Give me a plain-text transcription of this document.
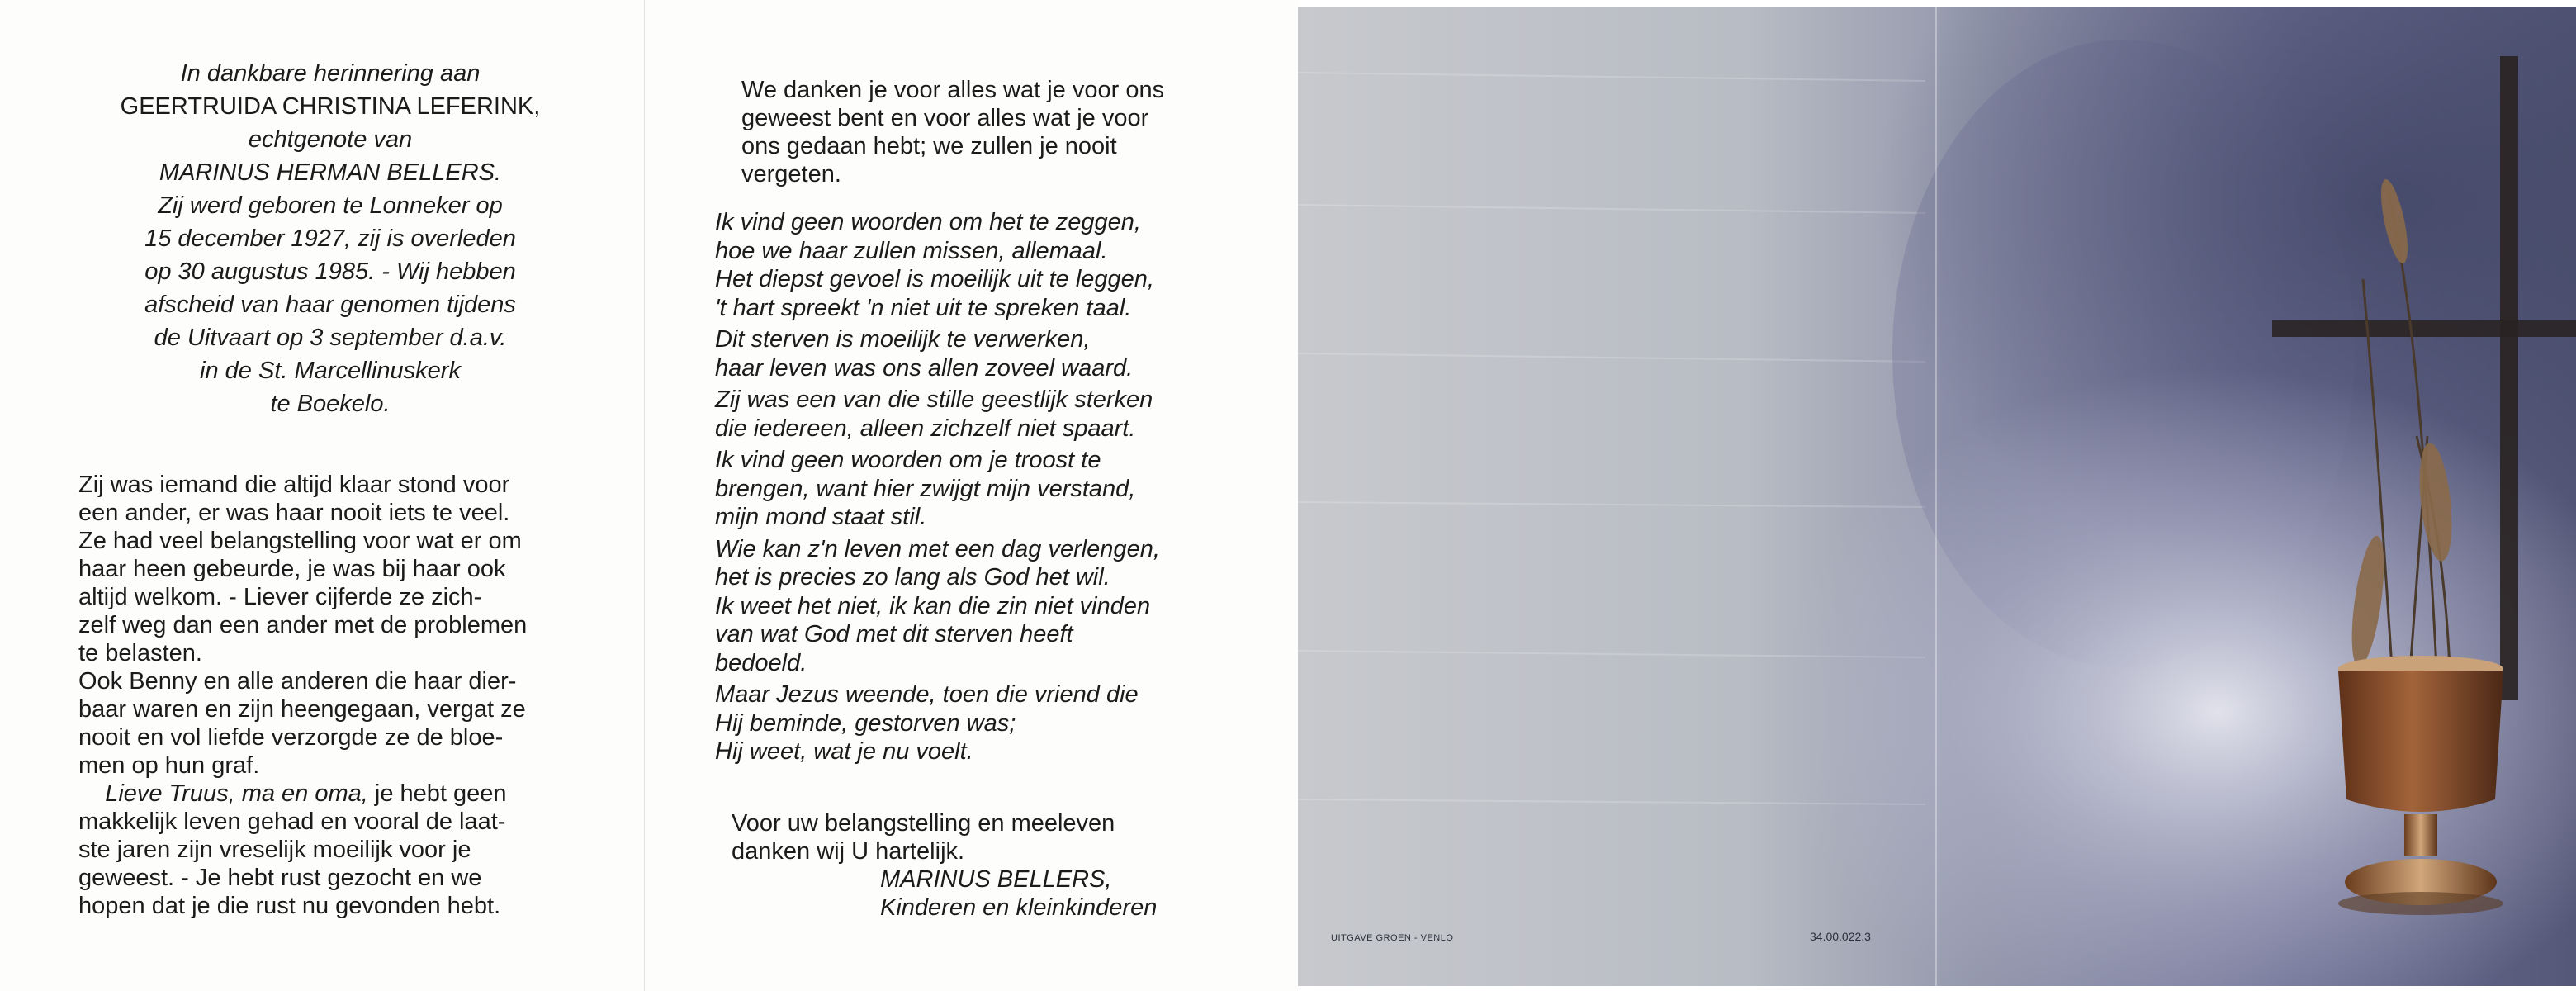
In dankbare herinnering aan

GEERTRUIDA CHRISTINA LEFERINK,

echtgenote van

MARINUS HERMAN BELLERS.

Zij werd geboren te Lonneker op

15 december 1927, zij is overleden

op 30 augustus 1985. - Wij hebben

afscheid van haar genomen tijdens

de Uitvaart op 3 september d.a.v.

in de St. Marcellinuskerk

te Boekelo.

Zij was iemand die altijd klaar stond voor

een ander, er was haar nooit iets te veel.

Ze had veel belangstelling voor wat er om

haar heen gebeurde, je was bij haar ook

altijd welkom. - Liever cijferde ze zich-

zelf weg dan een ander met de problemen

te belasten.

Ook Benny en alle anderen die haar dier-

baar waren en zijn heengegaan, vergat ze

nooit en vol liefde verzorgde ze de bloe-

men op hun graf.

Lieve Truus, ma en oma, je hebt geen

makkelijk leven gehad en vooral de laat-

ste jaren zijn vreselijk moeilijk voor je

geweest. - Je hebt rust gezocht en we

hopen dat je die rust nu gevonden hebt.

We danken je voor alles wat je voor ons

geweest bent en voor alles wat je voor

ons gedaan hebt; we zullen je nooit

vergeten.

Ik vind geen woorden om het te zeggen,

hoe we haar zullen missen, allemaal.

Het diepst gevoel is moeilijk uit te leggen,

't hart spreekt 'n niet uit te spreken taal.

Dit sterven is moeilijk te verwerken,

haar leven was ons allen zoveel waard.

Zij was een van die stille geestlijk sterken

die iedereen, alleen zichzelf niet spaart.

Ik vind geen woorden om je troost te

brengen, want hier zwijgt mijn verstand,

mijn mond staat stil.

Wie kan z'n leven met een dag verlengen,

het is precies zo lang als God het wil.

Ik weet het niet, ik kan die zin niet vinden

van wat God met dit sterven heeft

bedoeld.

Maar Jezus weende, toen die vriend die

Hij beminde, gestorven was;

Hij weet, wat je nu voelt.

Voor uw belangstelling en meeleven

danken wij U hartelijk.

MARINUS BELLERS,

Kinderen en kleinkinderen

UITGAVE GROEN - VENLO	34.00.022.3
